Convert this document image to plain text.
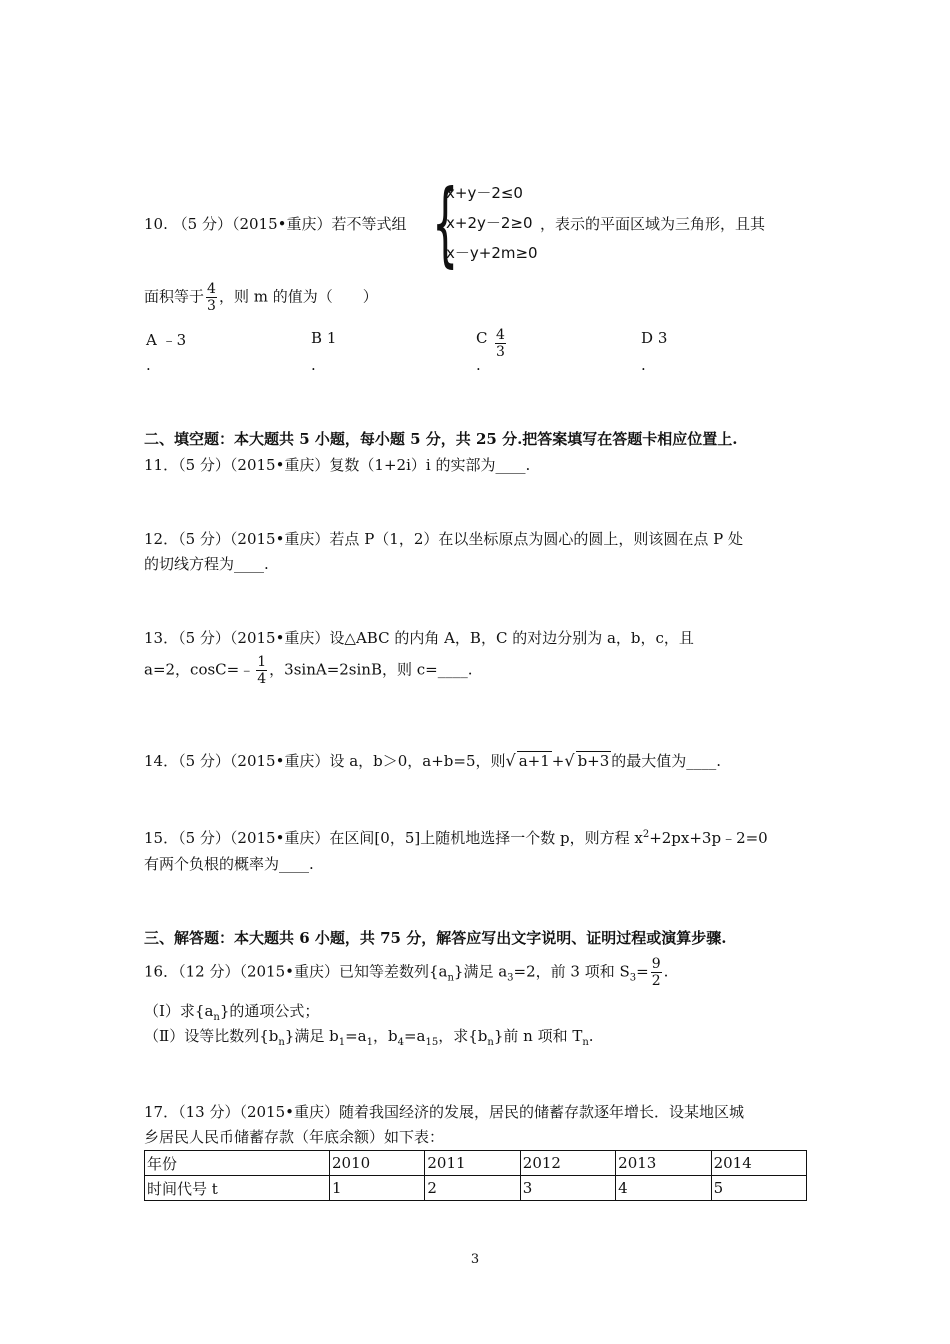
10. （5 分）（2015•重庆）若不等式组 {
x+y－2≤0
x+2y－2≥0
x－y+2m≥0
，表示的平面区域为三角形，且其
面积等于 $\frac{4}{3}$ ，则 m 的值为（　　）
A ﹣3
.
B 1
.
C $\frac{4}{3}$
.
D 3
.
二、填空题：本大题共 5 小题，每小题 5 分，共 25 分.把答案填写在答题卡相应位置上.
11．（5 分）（2015•重庆）复数（1+2i）i 的实部为____.
12．（5 分）（2015•重庆）若点 P（1，2）在以坐标原点为圆心的圆上，则该圆在点 P 处
的切线方程为____.
13．（5 分）（2015•重庆）设△ABC 的内角 A，B，C 的对边分别为 a，b，c，且
a=2，cosC=﹣ $\frac{1}{4}$ ，3sinA=2sinB，则 c=____.
14．（5 分）（2015•重庆）设 a，b＞0，a+b=5，则√ a+1 +√ b+3 的最大值为____.
15．（5 分）（2015•重庆）在区间[0，5]上随机地选择一个数 p，则方程 $x^2+2px+3p﹣2=0$
有两个负根的概率为____.
三、解答题：本大题共 6 小题，共 75 分，解答应写出文字说明、证明过程或演算步骤.
16．（12 分）（2015•重庆）已知等差数列$\{a_n\}$满足 $a_3=2$，前 3 项和 $S_3= \frac{9}{2}$ .
（Ⅰ）求$\{a_n\}$的通项公式；
（Ⅱ）设等比数列$\{b_n\}$满足 $b_1=a_1$，$b_4=a_{15}$，求$\{b_n\}$前 n 项和 $T_n$.
17．（13 分）（2015•重庆）随着我国经济的发展，居民的储蓄存款逐年增长．设某地区城
乡居民人民币储蓄存款（年底余额）如下表：
年份	2010	2011	2012	2013	2014
时间代号 t	1	2	3	4	5
3
